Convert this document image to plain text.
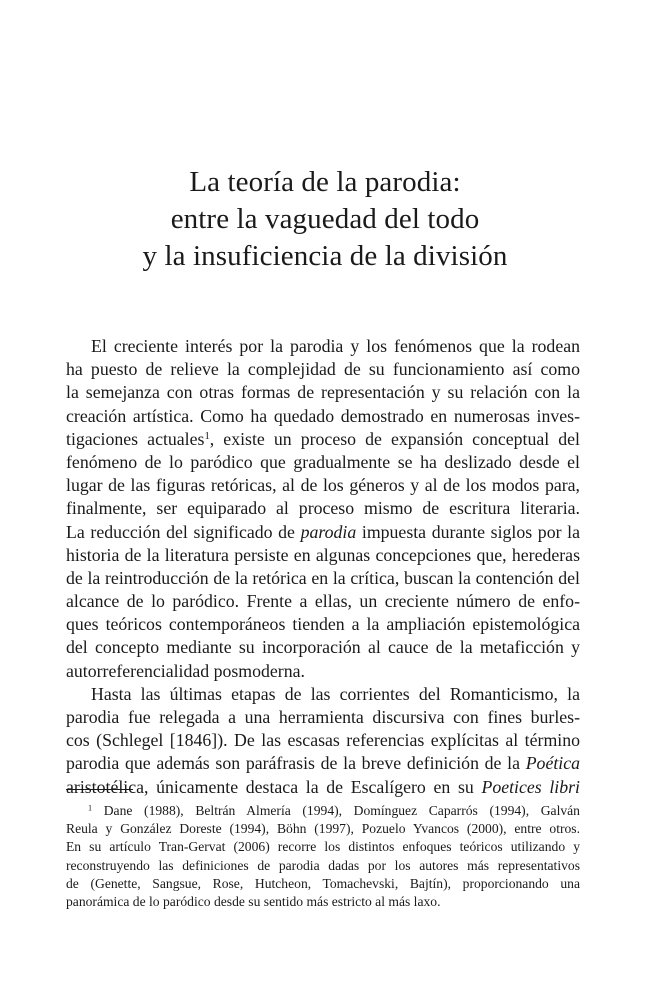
La teoría de la parodia:
entre la vaguedad del todo
y la insuficiencia de la división
El creciente interés por la parodia y los fenómenos que la rodean
ha puesto de relieve la complejidad de su funcionamiento así como
la semejanza con otras formas de representación y su relación con la
creación artística. Como ha quedado demostrado en numerosas inves-
tigaciones actuales$^1$, existe un proceso de expansión conceptual del
fenómeno de lo paródico que gradualmente se ha deslizado desde el
lugar de las figuras retóricas, al de los géneros y al de los modos para,
finalmente, ser equiparado al proceso mismo de escritura literaria.
La reducción del significado de parodia impuesta durante siglos por la
historia de la literatura persiste en algunas concepciones que, herederas
de la reintroducción de la retórica en la crítica, buscan la contención del
alcance de lo paródico. Frente a ellas, un creciente número de enfo-
ques teóricos contemporáneos tienden a la ampliación epistemológica
del concepto mediante su incorporación al cauce de la metaficción y
autorreferencialidad posmoderna.
Hasta las últimas etapas de las corrientes del Romanticismo, la
parodia fue relegada a una herramienta discursiva con fines burles-
cos (Schlegel [1846]). De las escasas referencias explícitas al término
parodia que además son paráfrasis de la breve definición de la Poética
aristotélica, únicamente destaca la de Escalígero en su Poetices libri
$^1$ Dane (1988), Beltrán Almería (1994), Domínguez Caparrós (1994), Galván
Reula y González Doreste (1994), Böhn (1997), Pozuelo Yvancos (2000), entre otros.
En su artículo Tran-Gervat (2006) recorre los distintos enfoques teóricos utilizando y
reconstruyendo las definiciones de parodia dadas por los autores más representativos
de (Genette, Sangsue, Rose, Hutcheon, Tomachevski, Bajtín), proporcionando una
panorámica de lo paródico desde su sentido más estricto al más laxo.
